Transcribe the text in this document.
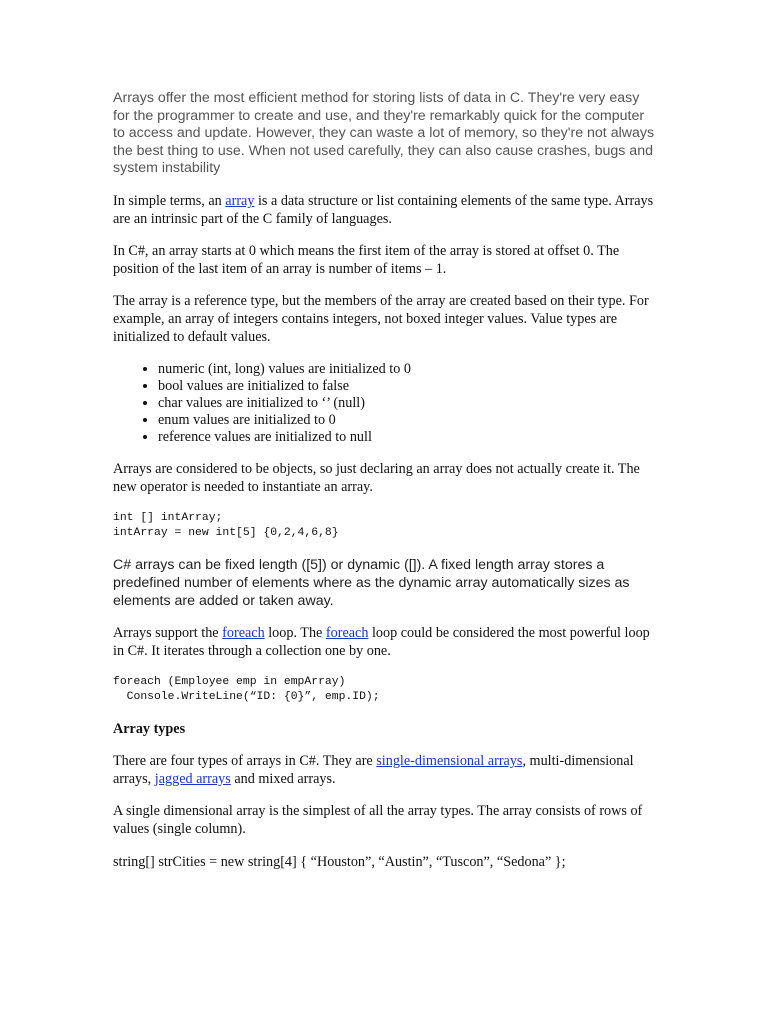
Arrays offer the most efficient method for storing lists of data in C. They're very easy for the programmer to create and use, and they're remarkably quick for the computer to access and update. However, they can waste a lot of memory, so they're not always the best thing to use. When not used carefully, they can also cause crashes, bugs and system instability

In simple terms, an array is a data structure or list containing elements of the same type. Arrays are an intrinsic part of the C family of languages.

In C#, an array starts at 0 which means the first item of the array is stored at offset 0. The position of the last item of an array is number of items – 1.

The array is a reference type, but the members of the array are created based on their type. For example, an array of integers contains integers, not boxed integer values. Value types are initialized to default values.

• numeric (int, long) values are initialized to 0
• bool values are initialized to false
• char values are initialized to ‘’ (null)
• enum values are initialized to 0
• reference values are initialized to null

Arrays are considered to be objects, so just declaring an array does not actually create it. The new operator is needed to instantiate an array.

int [] intArray;
intArray = new int[5] {0,2,4,6,8}

C# arrays can be fixed length ([5]) or dynamic ([]). A fixed length array stores a predefined number of elements where as the dynamic array automatically sizes as elements are added or taken away.

Arrays support the foreach loop. The foreach loop could be considered the most powerful loop in C#. It iterates through a collection one by one.

foreach (Employee emp in empArray)
Console.WriteLine(“ID: {0}”, emp.ID);
Array types

There are four types of arrays in C#. They are single-dimensional arrays, multi-dimensional arrays, jagged arrays and mixed arrays.

A single dimensional array is the simplest of all the array types. The array consists of rows of values (single column).

string[] strCities = new string[4] { “Houston”, “Austin”, “Tuscon”, “Sedona” };
